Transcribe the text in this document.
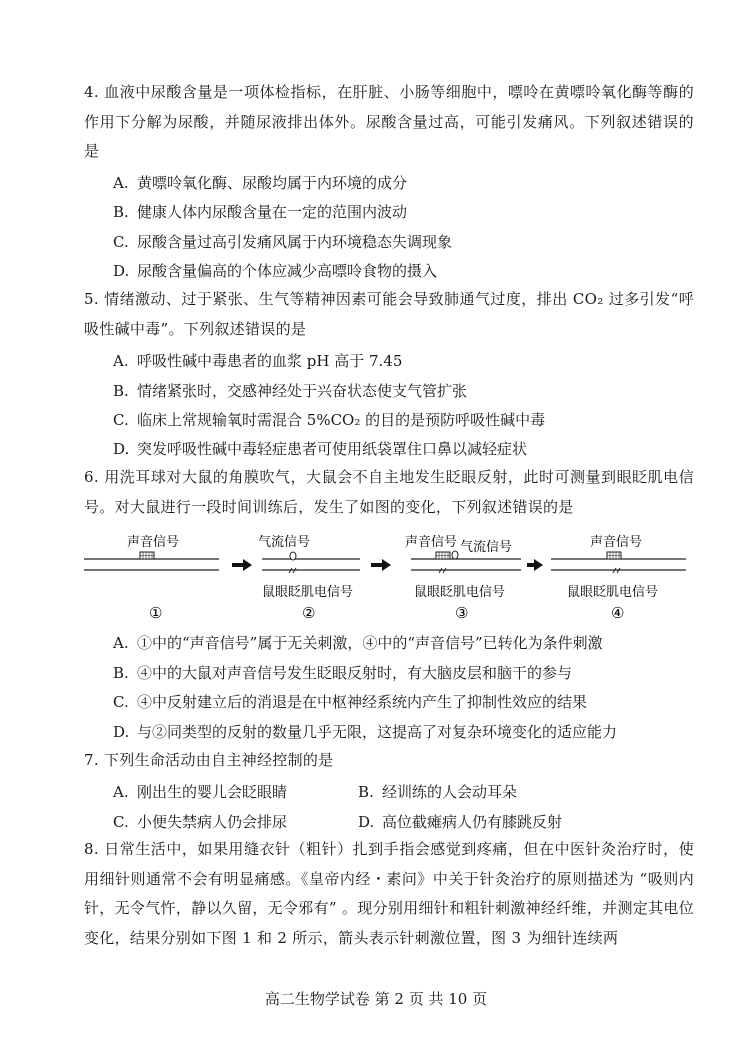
4. 血液中尿酸含量是一项体检指标，在肝脏、小肠等细胞中，嘌呤在黄嘌呤氧化酶等酶的作用下分解为尿酸，并随尿液排出体外。尿酸含量过高，可能引发痛风。下列叙述错误的是
A. 黄嘌呤氧化酶、尿酸均属于内环境的成分
B. 健康人体内尿酸含量在一定的范围内波动
C. 尿酸含量过高引发痛风属于内环境稳态失调现象
D. 尿酸含量偏高的个体应减少高嘌呤食物的摄入
5. 情绪激动、过于紧张、生气等精神因素可能会导致肺通气过度，排出 CO₂ 过多引发“呼吸性碱中毒”。下列叙述错误的是
A. 呼吸性碱中毒患者的血浆 pH 高于 7.45
B. 情绪紧张时，交感神经处于兴奋状态使支气管扩张
C. 临床上常规输氧时需混合 5%CO₂ 的目的是预防呼吸性碱中毒
D. 突发呼吸性碱中毒轻症患者可使用纸袋罩住口鼻以减轻症状
6. 用洗耳球对大鼠的角膜吹气，大鼠会不自主地发生眨眼反射，此时可测量到眼眨肌电信号。对大鼠进行一段时间训练后，发生了如图的变化，下列叙述错误的是
声音信号
①
气流信号
鼠眼眨肌电信号
②
声音信号 气流信号
鼠眼眨肌电信号
③
声音信号
鼠眼眨肌电信号
④
A. ①中的“声音信号”属于无关刺激，④中的“声音信号”已转化为条件刺激
B. ④中的大鼠对声音信号发生眨眼反射时，有大脑皮层和脑干的参与
C. ④中反射建立后的消退是在中枢神经系统内产生了抑制性效应的结果
D. 与②同类型的反射的数量几乎无限，这提高了对复杂环境变化的适应能力
7. 下列生命活动由自主神经控制的是
A. 刚出生的婴儿会眨眼睛	B. 经训练的人会动耳朵
C. 小便失禁病人仍会排尿	D. 高位截瘫病人仍有膝跳反射
8. 日常生活中，如果用缝衣针（粗针）扎到手指会感觉到疼痛，但在中医针灸治疗时，使用细针则通常不会有明显痛感。《皇帝内经・素问》中关于针灸治疗的原则描述为 “吸则内针，无令气忤，静以久留，无令邪有” 。现分别用细针和粗针刺激神经纤维，并测定其电位变化，结果分别如下图 1 和 2 所示，箭头表示针刺激位置，图 3 为细针连续两
高二生物学试卷 第 2 页 共 10 页
